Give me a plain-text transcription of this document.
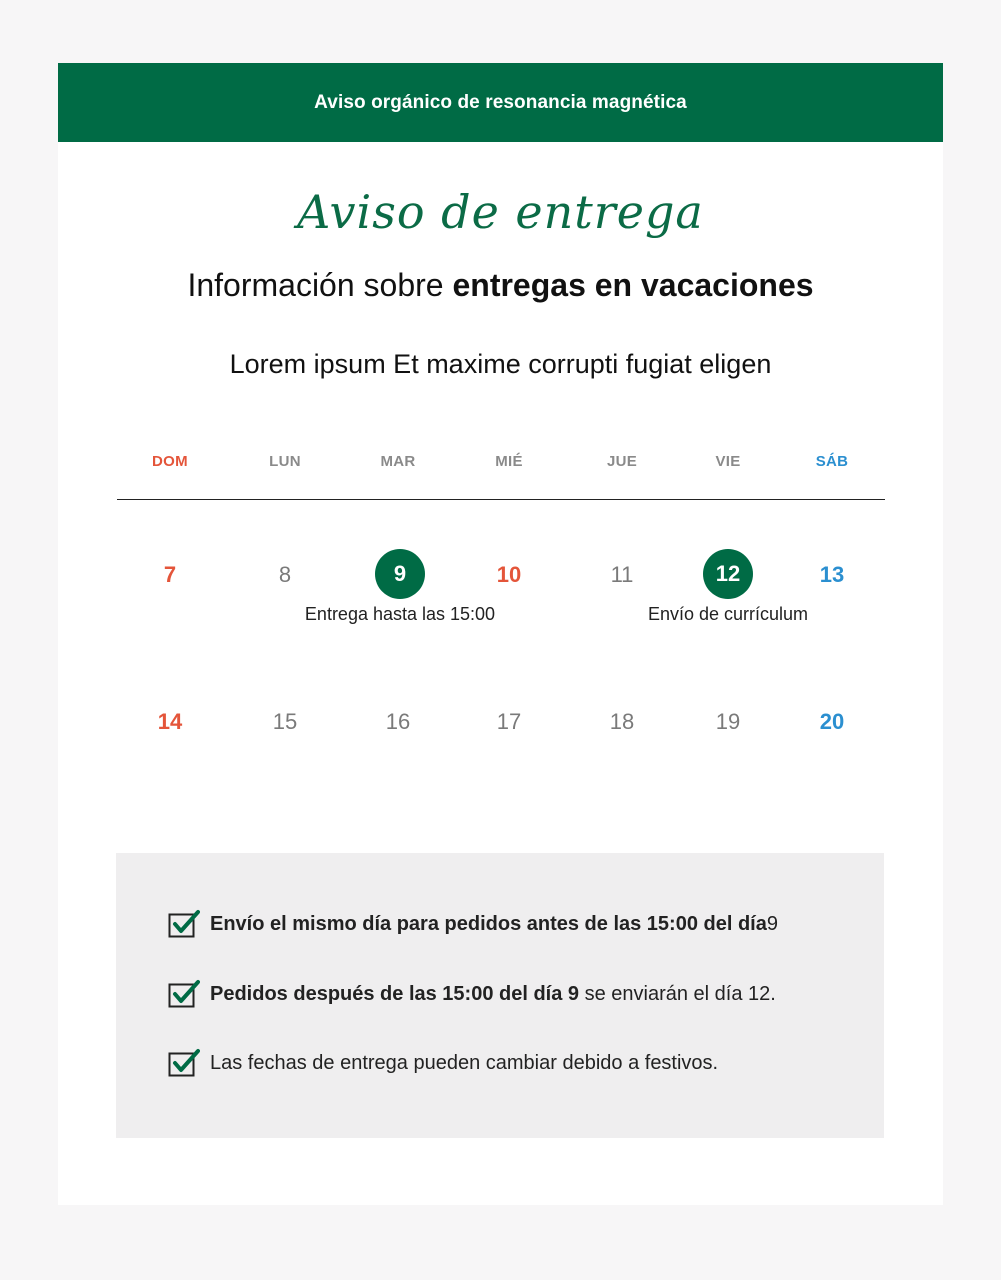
Aviso orgánico de resonancia magnética
Aviso de entrega
Información sobre entregas en vacaciones
Lorem ipsum Et maxime corrupti fugiat eligen
DOM	LUN	MAR	MIÉ	JUE	VIE	SÁB
7	8	9	10	11	12	13
Entrega hasta las 15:00	Envío de currículum
14	15	16	17	18	19	20
Envío el mismo día para pedidos antes de las 15:00 del día9
Pedidos después de las 15:00 del día 9 se enviarán el día 12.
Las fechas de entrega pueden cambiar debido a festivos.
